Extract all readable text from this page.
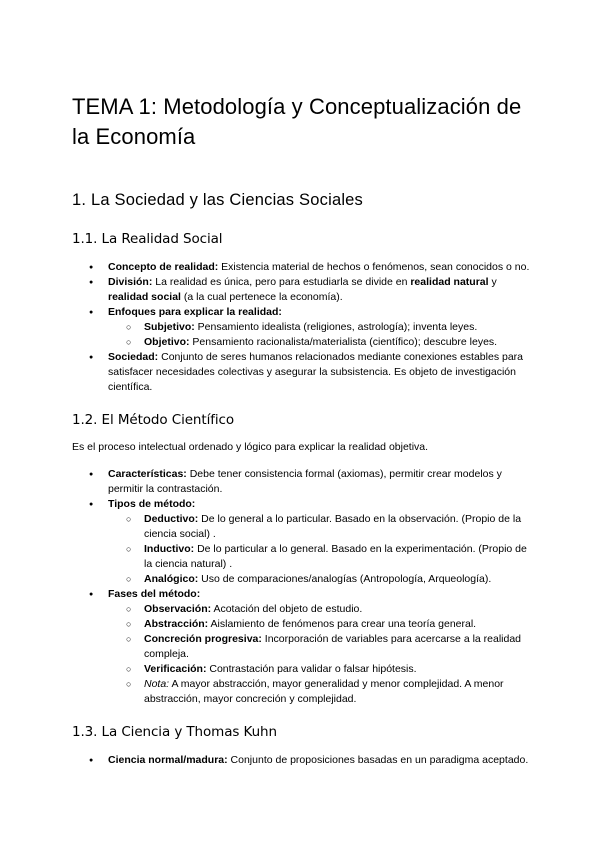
TEMA 1: Metodología y Conceptualización de la Economía
1. La Sociedad y las Ciencias Sociales
1.1. La Realidad Social
● Concepto de realidad: Existencia material de hechos o fenómenos, sean conocidos o no.
● División: La realidad es única, pero para estudiarla se divide en realidad natural y realidad social (a la cual pertenece la economía).
● Enfoques para explicar la realidad:
○ Subjetivo: Pensamiento idealista (religiones, astrología); inventa leyes.
○ Objetivo: Pensamiento racionalista/materialista (científico); descubre leyes.
● Sociedad: Conjunto de seres humanos relacionados mediante conexiones estables para satisfacer necesidades colectivas y asegurar la subsistencia. Es objeto de investigación científica.
1.2. El Método Científico

Es el proceso intelectual ordenado y lógico para explicar la realidad objetiva.

● Características: Debe tener consistencia formal (axiomas), permitir crear modelos y permitir la contrastación.
● Tipos de método:
○ Deductivo: De lo general a lo particular. Basado en la observación. (Propio de la ciencia social) .
○ Inductivo: De lo particular a lo general. Basado en la experimentación. (Propio de la ciencia natural) .
○ Analógico: Uso de comparaciones/analogías (Antropología, Arqueología).
● Fases del método:
○ Observación: Acotación del objeto de estudio.
○ Abstracción: Aislamiento de fenómenos para crear una teoría general.
○ Concreción progresiva: Incorporación de variables para acercarse a la realidad compleja.
○ Verificación: Contrastación para validar o falsar hipótesis.
○ Nota: A mayor abstracción, mayor generalidad y menor complejidad. A menor abstracción, mayor concreción y complejidad.
1.3. La Ciencia y Thomas Kuhn
● Ciencia normal/madura: Conjunto de proposiciones basadas en un paradigma aceptado.
